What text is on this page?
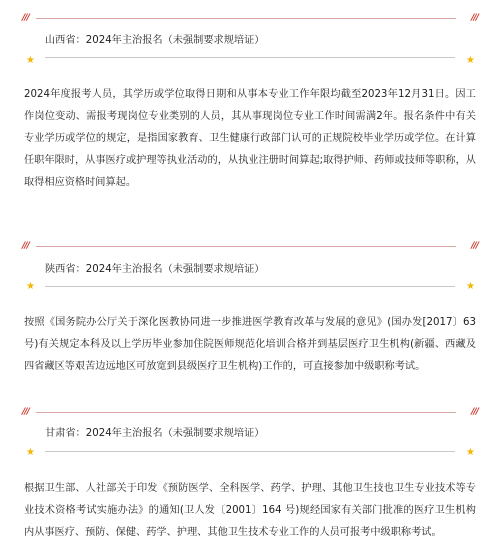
///	///
山西省：2024年主治报名（未强制要求规培证）
★	★
2024年度报考人员，其学历或学位取得日期和从事本专业工作年限均截至2023年12月31日。因工作岗位变动、需报考现岗位专业类别的人员，其从事现岗位专业工作时间需满2年。报名条件中有关专业学历或学位的规定，是指国家教育、卫生健康行政部门认可的正规院校毕业学历或学位。在计算任职年限时，从事医疗或护理等执业活动的，从执业注册时间算起;取得护师、药师或技师等职称，从取得相应资格时间算起。
///	///
陕西省：2024年主治报名（未强制要求规培证）
★	★
按照《国务院办公厅关于深化医教协同进一步推进医学教育改革与发展的意见》(国办发[2017〕63号)有关规定本科及以上学历毕业参加住院医师规范化培训合格并到基层医疗卫生机构(新疆、西藏及四省藏区等艰苦边远地区可放宽到县级医疗卫生机构)工作的，可直接参加中级职称考试。
///	///
甘肃省：2024年主治报名（未强制要求规培证）
★	★
根据卫生部、人社部关于印发《预防医学、全科医学、药学、护理、其他卫生技也卫生专业技术等专业技术资格考试实施办法》的通知(卫人发〔2001〕164 号)规经国家有关部门批准的医疗卫生机构内从事医疗、预防、保健、药学、护理、其他卫生技术专业工作的人员可报考中级职称考试。
